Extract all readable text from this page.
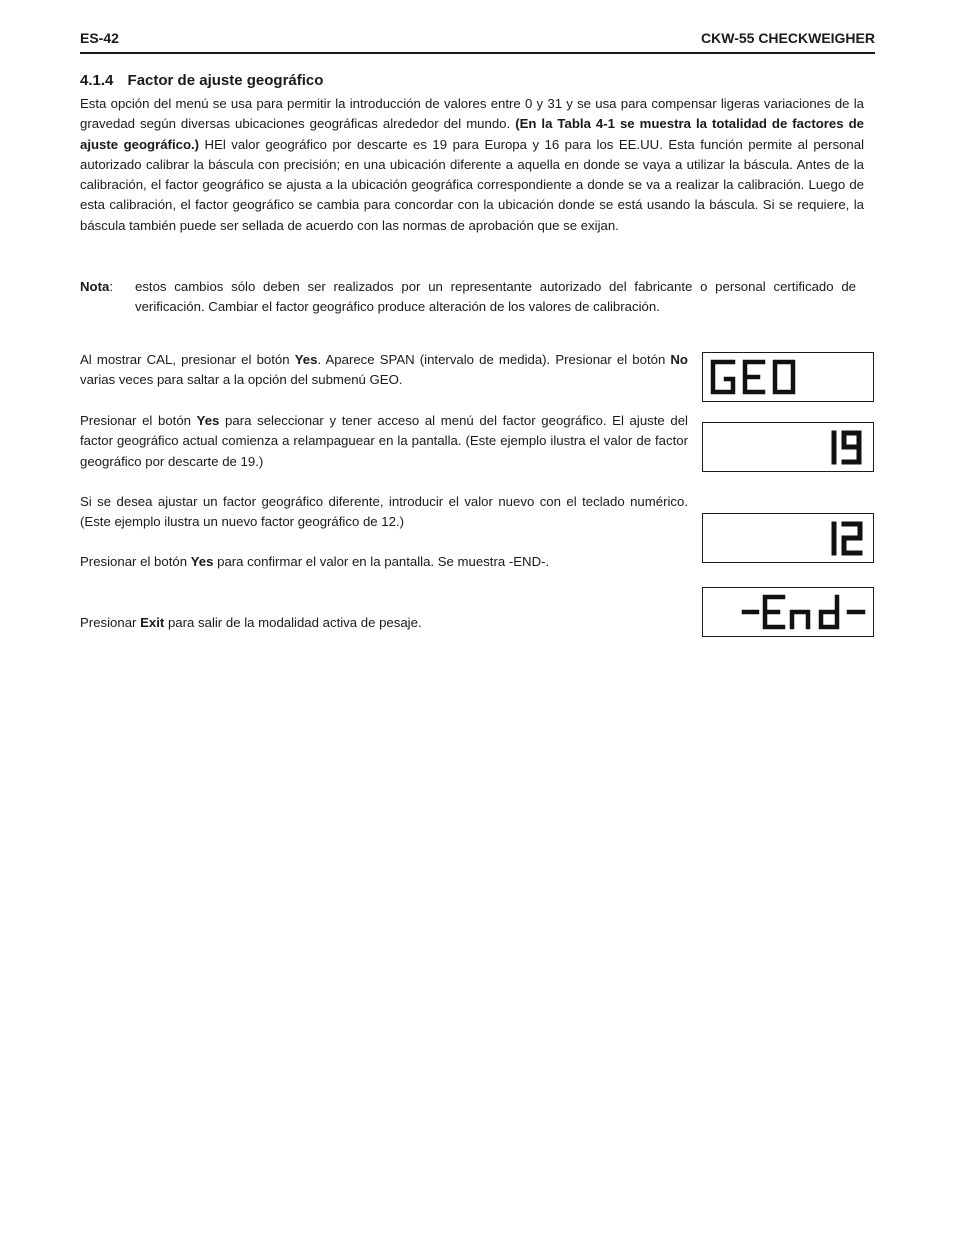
ES-42	CKW-55 CHECKWEIGHER
4.1.4 Factor de ajuste geográfico

Esta opción del menú se usa para permitir la introducción de valores entre 0 y 31 y se usa para compensar ligeras variaciones de la gravedad según diversas ubicaciones geográficas alrededor del mundo. (En la Tabla 4-1 se muestra la totalidad de factores de ajuste geográfico.) HEl valor geográfico por descarte es 19 para Europa y 16 para los EE.UU. Esta función permite al personal autorizado calibrar la báscula con precisión; en una ubicación diferente a aquella en donde se vaya a utilizar la báscula. Antes de la calibración, el factor geográfico se ajusta a la ubicación geográfica correspondiente a donde se va a realizar la calibración. Luego de esta calibración, el factor geográfico se cambia para concordar con la ubicación donde se está usando la báscula. Si se requiere, la báscula también puede ser sellada de acuerdo con las normas de aprobación que se exijan.

Nota: estos cambios sólo deben ser realizados por un representante autorizado del fabricante o personal certificado de verificación. Cambiar el factor geográfico produce alteración de los valores de calibración.

Al mostrar CAL, presionar el botón Yes. Aparece SPAN (intervalo de medida). Presionar el botón No varias veces para saltar a la opción del submenú GEO.

Presionar el botón Yes para seleccionar y tener acceso al menú del factor geográfico. El ajuste del factor geográfico actual comienza a relampaguear en la pantalla. (Este ejemplo ilustra el valor de factor geográfico por descarte de 19.)

Si se desea ajustar un factor geográfico diferente, introducir el valor nuevo con el teclado numérico. (Este ejemplo ilustra un nuevo factor geográfico de 12.)

Presionar el botón Yes para confirmar el valor en la pantalla. Se muestra -END-.

Presionar Exit para salir de la modalidad activa de pesaje.
